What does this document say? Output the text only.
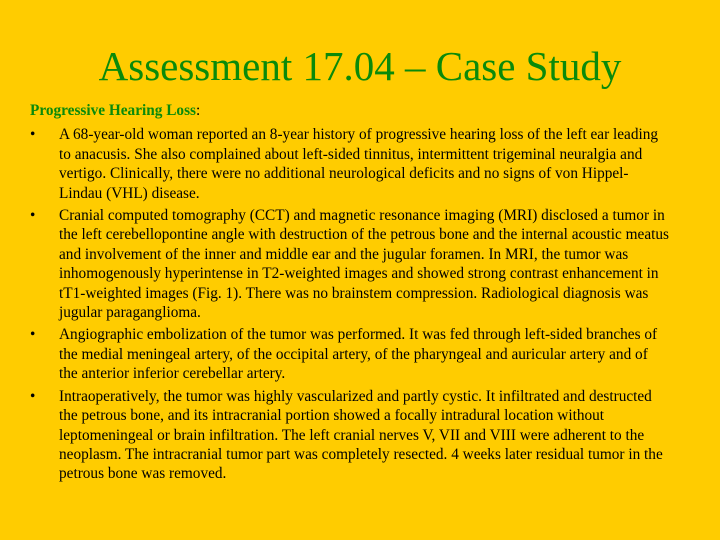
Assessment 17.04 – Case Study
Progressive Hearing Loss:
• A 68-year-old woman reported an 8-year history of progressive hearing loss of the left ear leading to anacusis. She also complained about left-sided tinnitus, intermittent trigeminal neuralgia and vertigo. Clinically, there were no additional neurological deficits and no signs of von Hippel-Lindau (VHL) disease.
• Cranial computed tomography (CCT) and magnetic resonance imaging (MRI) disclosed a tumor in the left cerebellopontine angle with destruction of the petrous bone and the internal acoustic meatus and involvement of the inner and middle ear and the jugular foramen. In MRI, the tumor was inhomogenously hyperintense in T2-weighted images and showed strong contrast enhancement in tT1-weighted images (Fig. 1). There was no brainstem compression. Radiological diagnosis was jugular paraganglioma.
• Angiographic embolization of the tumor was performed. It was fed through left-sided branches of the medial meningeal artery, of the occipital artery, of the pharyngeal and auricular artery and of the anterior inferior cerebellar artery.
• Intraoperatively, the tumor was highly vascularized and partly cystic. It infiltrated and destructed the petrous bone, and its intracranial portion showed a focally intradural location without leptomeningeal or brain infiltration. The left cranial nerves V, VII and VIII were adherent to the neoplasm. The intracranial tumor part was completely resected. 4 weeks later residual tumor in the petrous bone was removed.
